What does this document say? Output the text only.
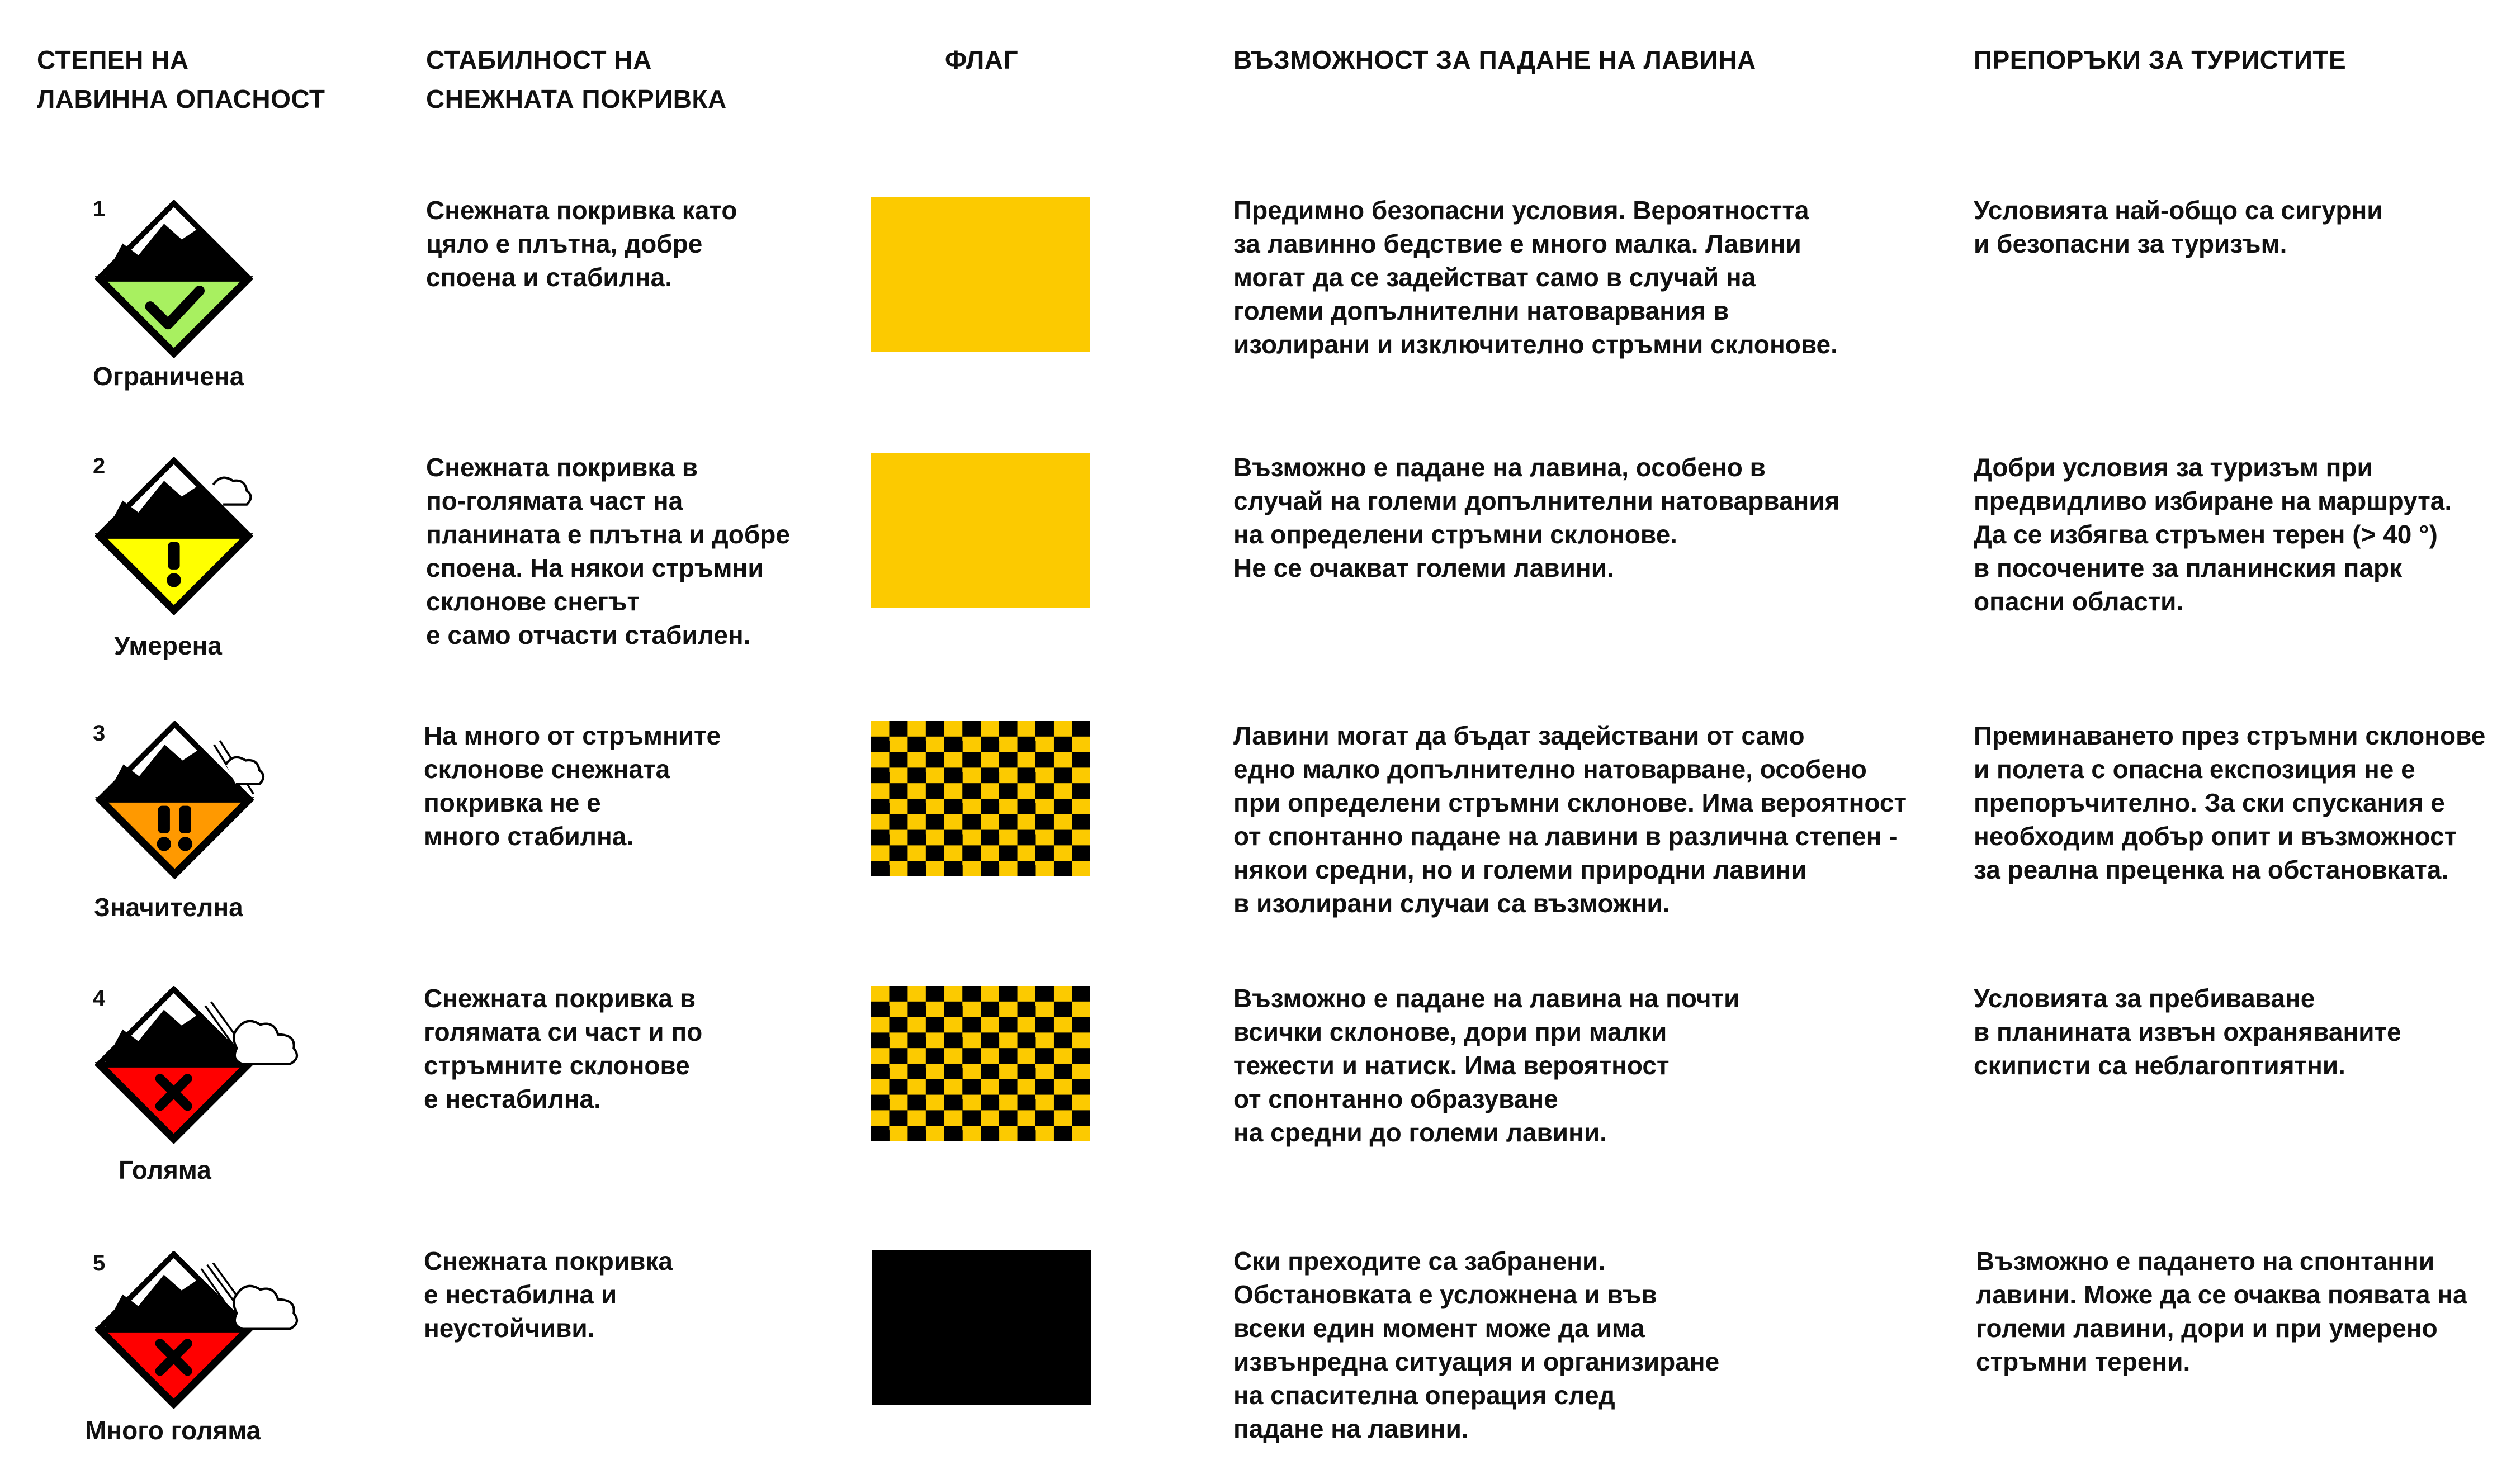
СТЕПЕН НА
ЛАВИННА ОПАСНОСТ
СТАБИЛНОСТ НА
СНЕЖНАТА ПОКРИВКА
ФЛАГ	ВЪЗМОЖНОСТ ЗА ПАДАНЕ НА ЛАВИНА	ПРЕПОРЪКИ ЗА ТУРИСТИТЕ
1
Ограничена
Снежната покривка като
цяло е плътна, добре
споена и стабилна.
Предимно безопасни условия. Вероятността
за лавинно бедствие е много малка. Лавини
могат да се задействат само в случай на
големи допълнителни натоварвания в
изолирани и изключително стръмни склонове.
Условията най-общо са сигурни
и безопасни за туризъм.
2
Умерена
Снежната покривка в
по-голямата част на
планината е плътна и добре
споена. На някои стръмни
склонове снегът
е само отчасти стабилен.
Възможно е падане на лавина, особено в
случай на големи допълнителни натоварвания
на определени стръмни склонове.
Не се очакват големи лавини.
Добри условия за туризъм при
предвидливо избиране на маршрута.
Да се избягва стръмен терен (> 40 °)
в посочените за планинския парк
опасни области.
3
Значителна
На много от стръмните
склонове снежната
покривка не е
много стабилна.
Лавини могат да бъдат задействани от само
едно малко допълнително натоварване, особено
при определени стръмни склонове. Има вероятност
от спонтанно падане на лавини в различна степен -
някои средни, но и големи природни лавини
в изолирани случаи са възможни.
Преминаването през стръмни склонове
и полета с опасна експозиция не е
препоръчително. За ски спускания е
необходим добър опит и възможност
за реална преценка на обстановката.
4
Голяма
Снежната покривка в
голямата си част и по
стръмните склонове
е нестабилна.
Възможно е падане на лавина на почти
всички склонове, дори при малки
тежести и натиск. Има вероятност
от спонтанно образуване
на средни до големи лавини.
Условията за пребиваване
в планината извън охраняваните
скиписти са неблагоптиятни.
5
Много голяма
Снежната покривка
е нестабилна и
неустойчиви.
Ски преходите са забранени.
Обстановката е усложнена и във
всеки един момент може да има
извънредна ситуация и организиране
на спасителна операция след
падане на лавини.
Възможно е падането на спонтанни
лавини. Може да се очаква появата на
големи лавини, дори и при умерено
стръмни терени.
